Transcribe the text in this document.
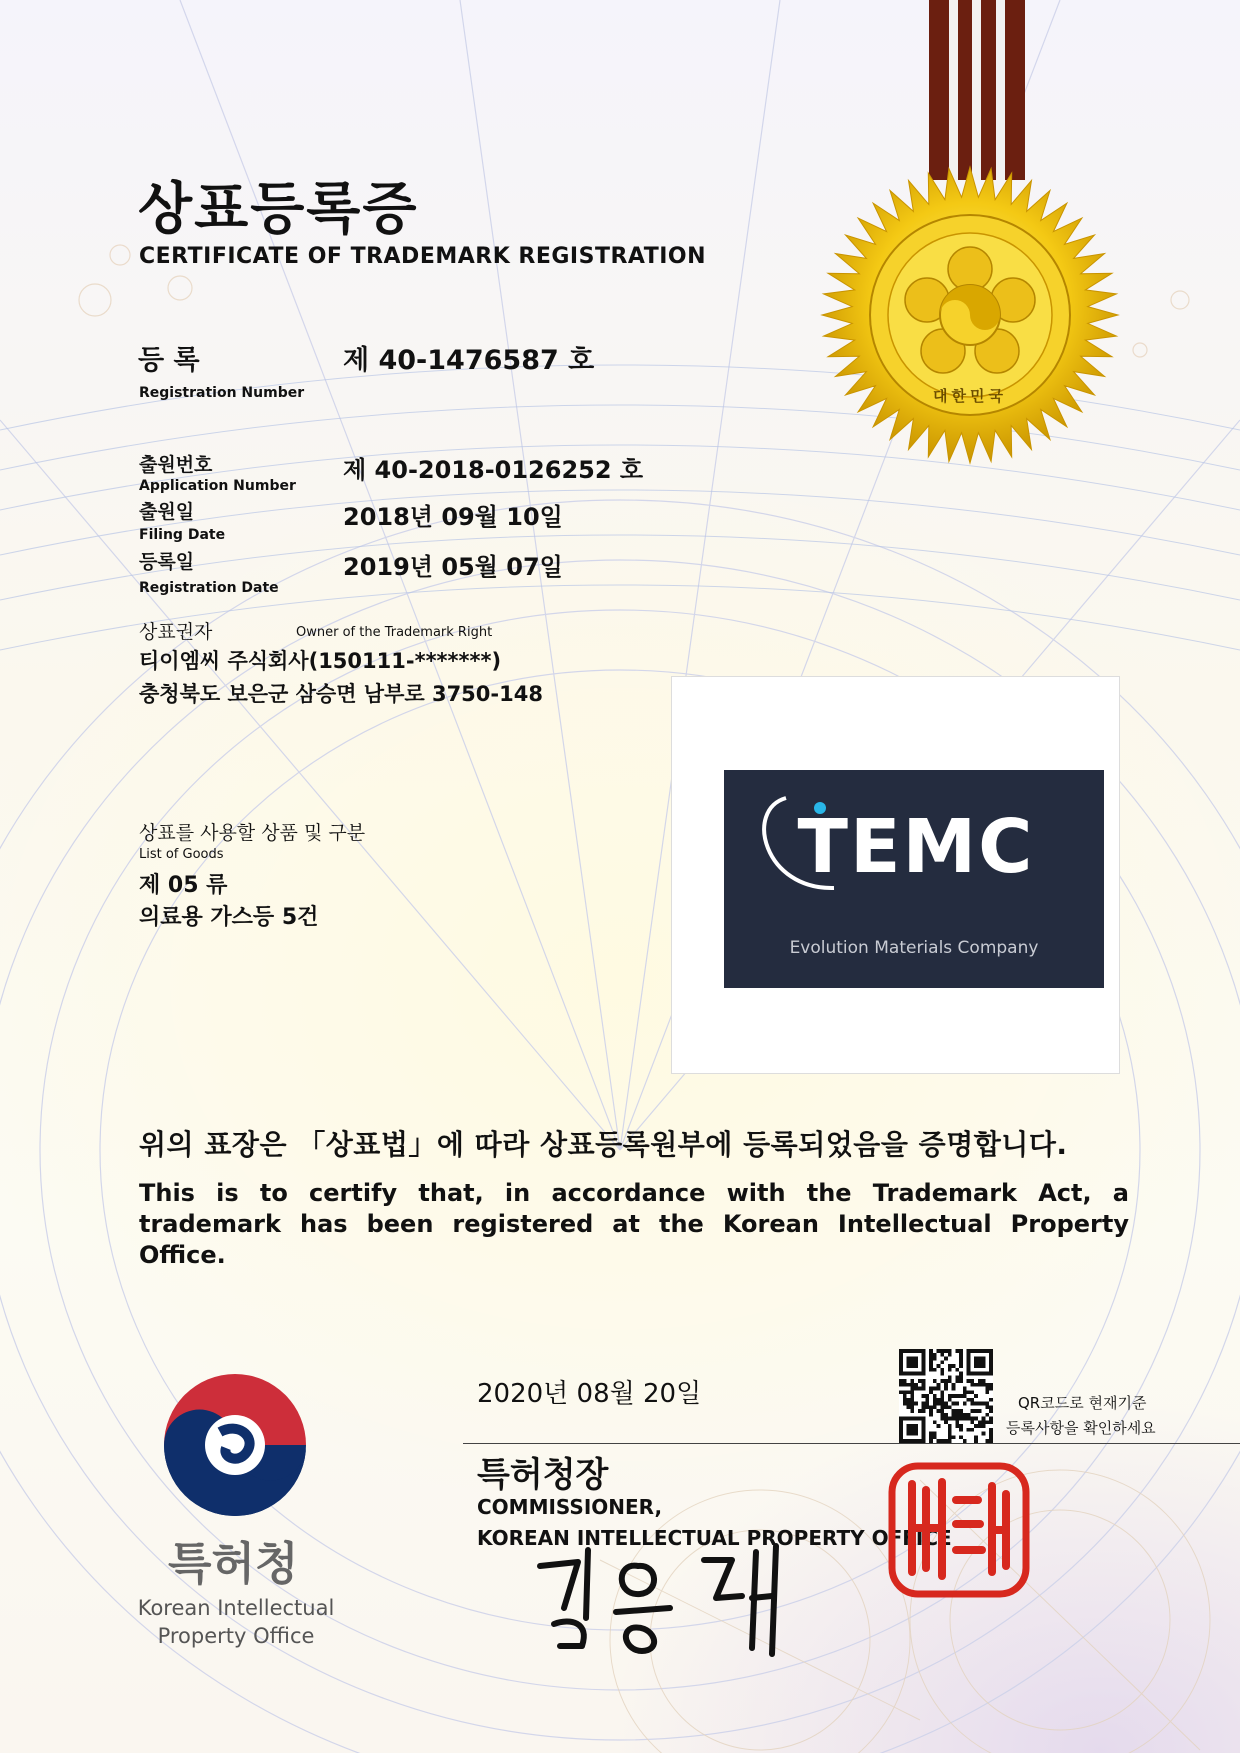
대한민국
상표등록증
CERTIFICATE OF TRADEMARK REGISTRATION
등 록
Registration Number
제 40-1476587 호
출원번호
Application Number
제 40-2018-0126252 호
출원일
Filing Date
2018년 09월 10일
등록일
Registration Date
2019년 05월 07일
상표권자	Owner of the Trademark Right
티이엠씨 주식회사(150111-*******)
충청북도 보은군 삼승면 남부로 3750-148
상표를 사용할 상품 및 구분
List of Goods
제 05 류
의료용 가스등 5건
TEMC
Evolution Materials Company
위의 표장은 「상표법」에 따라 상표등록원부에 등록되었음을 증명합니다.
This is to certify that, in accordance with the Trademark Act, a trademark has been registered at the Korean Intellectual Property Office.
특허청
Korean Intellectual Property Office
2020년 08월 20일	QR코드로 현재기준
등록사항을 확인하세요
특허청장
COMMISSIONER,
KOREAN INTELLECTUAL PROPERTY OFFICE
